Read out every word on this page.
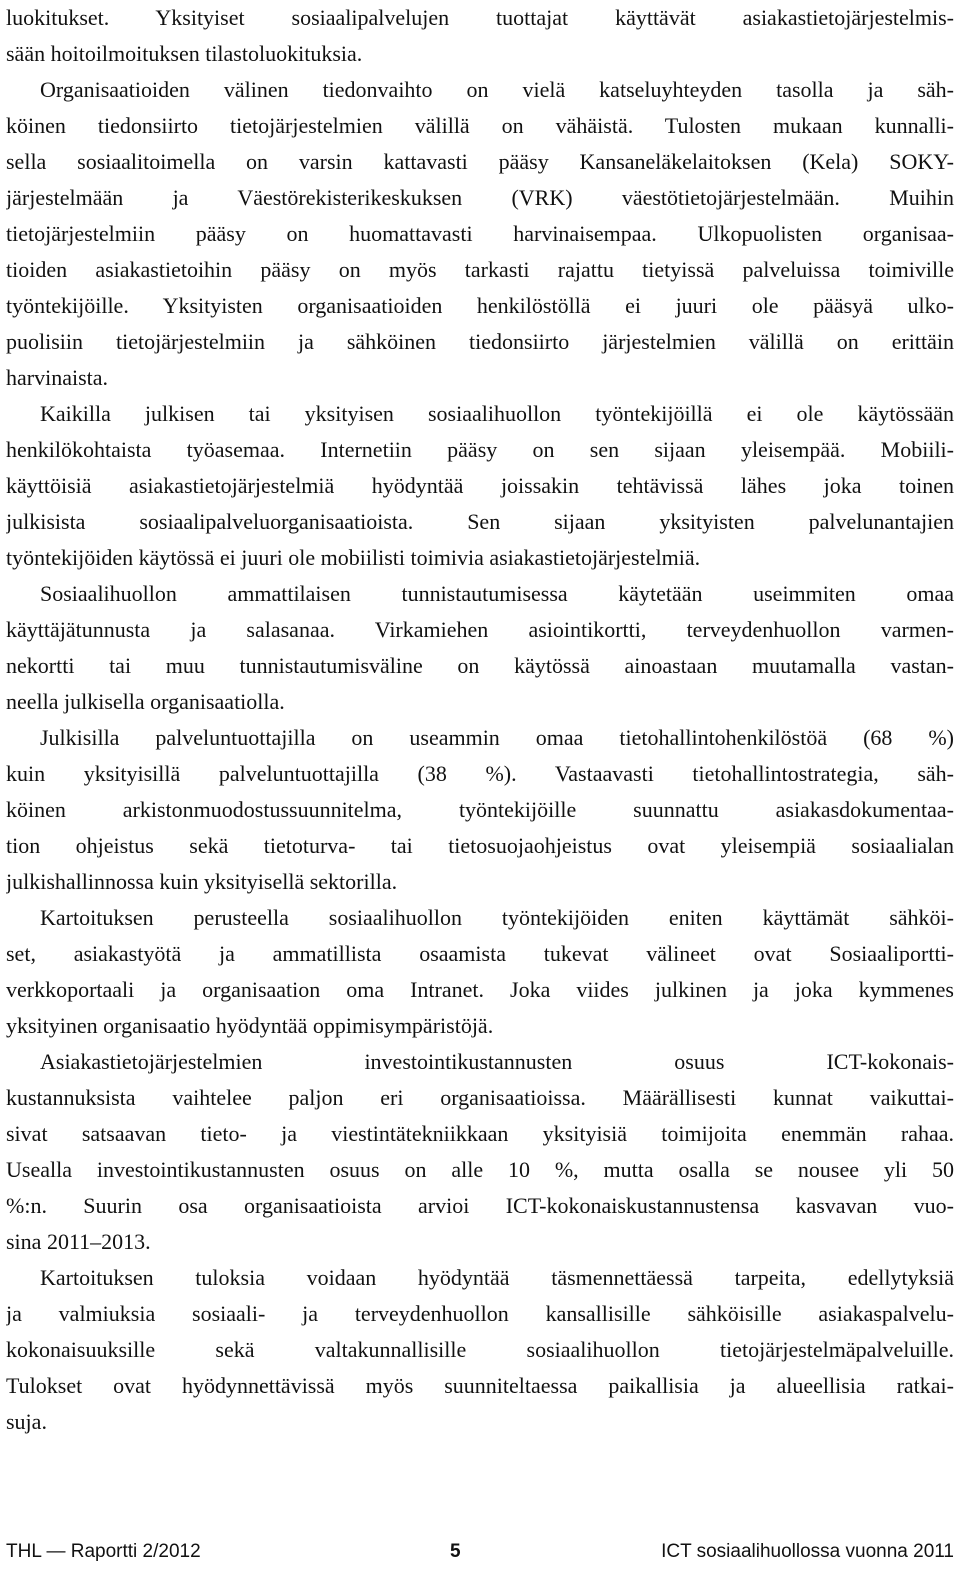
luokitukset. Yksityiset sosiaalipalvelujen tuottajat käyttävät asiakastietojärjestelmis-
sään hoitoilmoituksen tilastoluokituksia.
Organisaatioiden välinen tiedonvaihto on vielä katseluyhteyden tasolla ja säh-
köinen tiedonsiirto tietojärjestelmien välillä on vähäistä. Tulosten mukaan kunnalli-
sella sosiaalitoimella on varsin kattavasti pääsy Kansaneläkelaitoksen (Kela) SOKY-
järjestelmään ja Väestörekisterikeskuksen (VRK) väestötietojärjestelmään. Muihin
tietojärjestelmiin pääsy on huomattavasti harvinaisempaa. Ulkopuolisten organisaa-
tioiden asiakastietoihin pääsy on myös tarkasti rajattu tietyissä palveluissa toimiville
työntekijöille. Yksityisten organisaatioiden henkilöstöllä ei juuri ole pääsyä ulko-
puolisiin tietojärjestelmiin ja sähköinen tiedonsiirto järjestelmien välillä on erittäin
harvinaista.
Kaikilla julkisen tai yksityisen sosiaalihuollon työntekijöillä ei ole käytössään
henkilökohtaista työasemaa. Internetiin pääsy on sen sijaan yleisempää. Mobiili-
käyttöisiä asiakastietojärjestelmiä hyödyntää joissakin tehtävissä lähes joka toinen
julkisista sosiaalipalveluorganisaatioista. Sen sijaan yksityisten palvelunantajien
työntekijöiden käytössä ei juuri ole mobiilisti toimivia asiakastietojärjestelmiä.
Sosiaalihuollon ammattilaisen tunnistautumisessa käytetään useimmiten omaa
käyttäjätunnusta ja salasanaa. Virkamiehen asiointikortti, terveydenhuollon varmen-
nekortti tai muu tunnistautumisväline on käytössä ainoastaan muutamalla vastan-
neella julkisella organisaatiolla.
Julkisilla palveluntuottajilla on useammin omaa tietohallintohenkilöstöä (68 %)
kuin yksityisillä palveluntuottajilla (38 %). Vastaavasti tietohallintostrategia, säh-
köinen arkistonmuodostussuunnitelma, työntekijöille suunnattu asiakasdokumentaa-
tion ohjeistus sekä tietoturva- tai tietosuojaohjeistus ovat yleisempiä sosiaalialan
julkishallinnossa kuin yksityisellä sektorilla.
Kartoituksen perusteella sosiaalihuollon työntekijöiden eniten käyttämät sähköi-
set, asiakastyötä ja ammatillista osaamista tukevat välineet ovat Sosiaaliportti-
verkkoportaali ja organisaation oma Intranet. Joka viides julkinen ja joka kymmenes
yksityinen organisaatio hyödyntää oppimisympäristöjä.
Asiakastietojärjestelmien investointikustannusten osuus ICT-kokonais-
kustannuksista vaihtelee paljon eri organisaatioissa. Määrällisesti kunnat vaikuttai-
sivat satsaavan tieto- ja viestintätekniikkaan yksityisiä toimijoita enemmän rahaa.
Usealla investointikustannusten osuus on alle 10 %, mutta osalla se nousee yli 50
%:n. Suurin osa organisaatioista arvioi ICT-kokonaiskustannustensa kasvavan vuo-
sina 2011–2013.
Kartoituksen tuloksia voidaan hyödyntää täsmennettäessä tarpeita, edellytyksiä
ja valmiuksia sosiaali- ja terveydenhuollon kansallisille sähköisille asiakaspalvelu-
kokonaisuuksille sekä valtakunnallisille sosiaalihuollon tietojärjestelmäpalveluille.
Tulokset ovat hyödynnettävissä myös suunniteltaessa paikallisia ja alueellisia ratkai-
suja.
THL — Raportti 2/2012	5	ICT sosiaalihuollossa vuonna 2011
